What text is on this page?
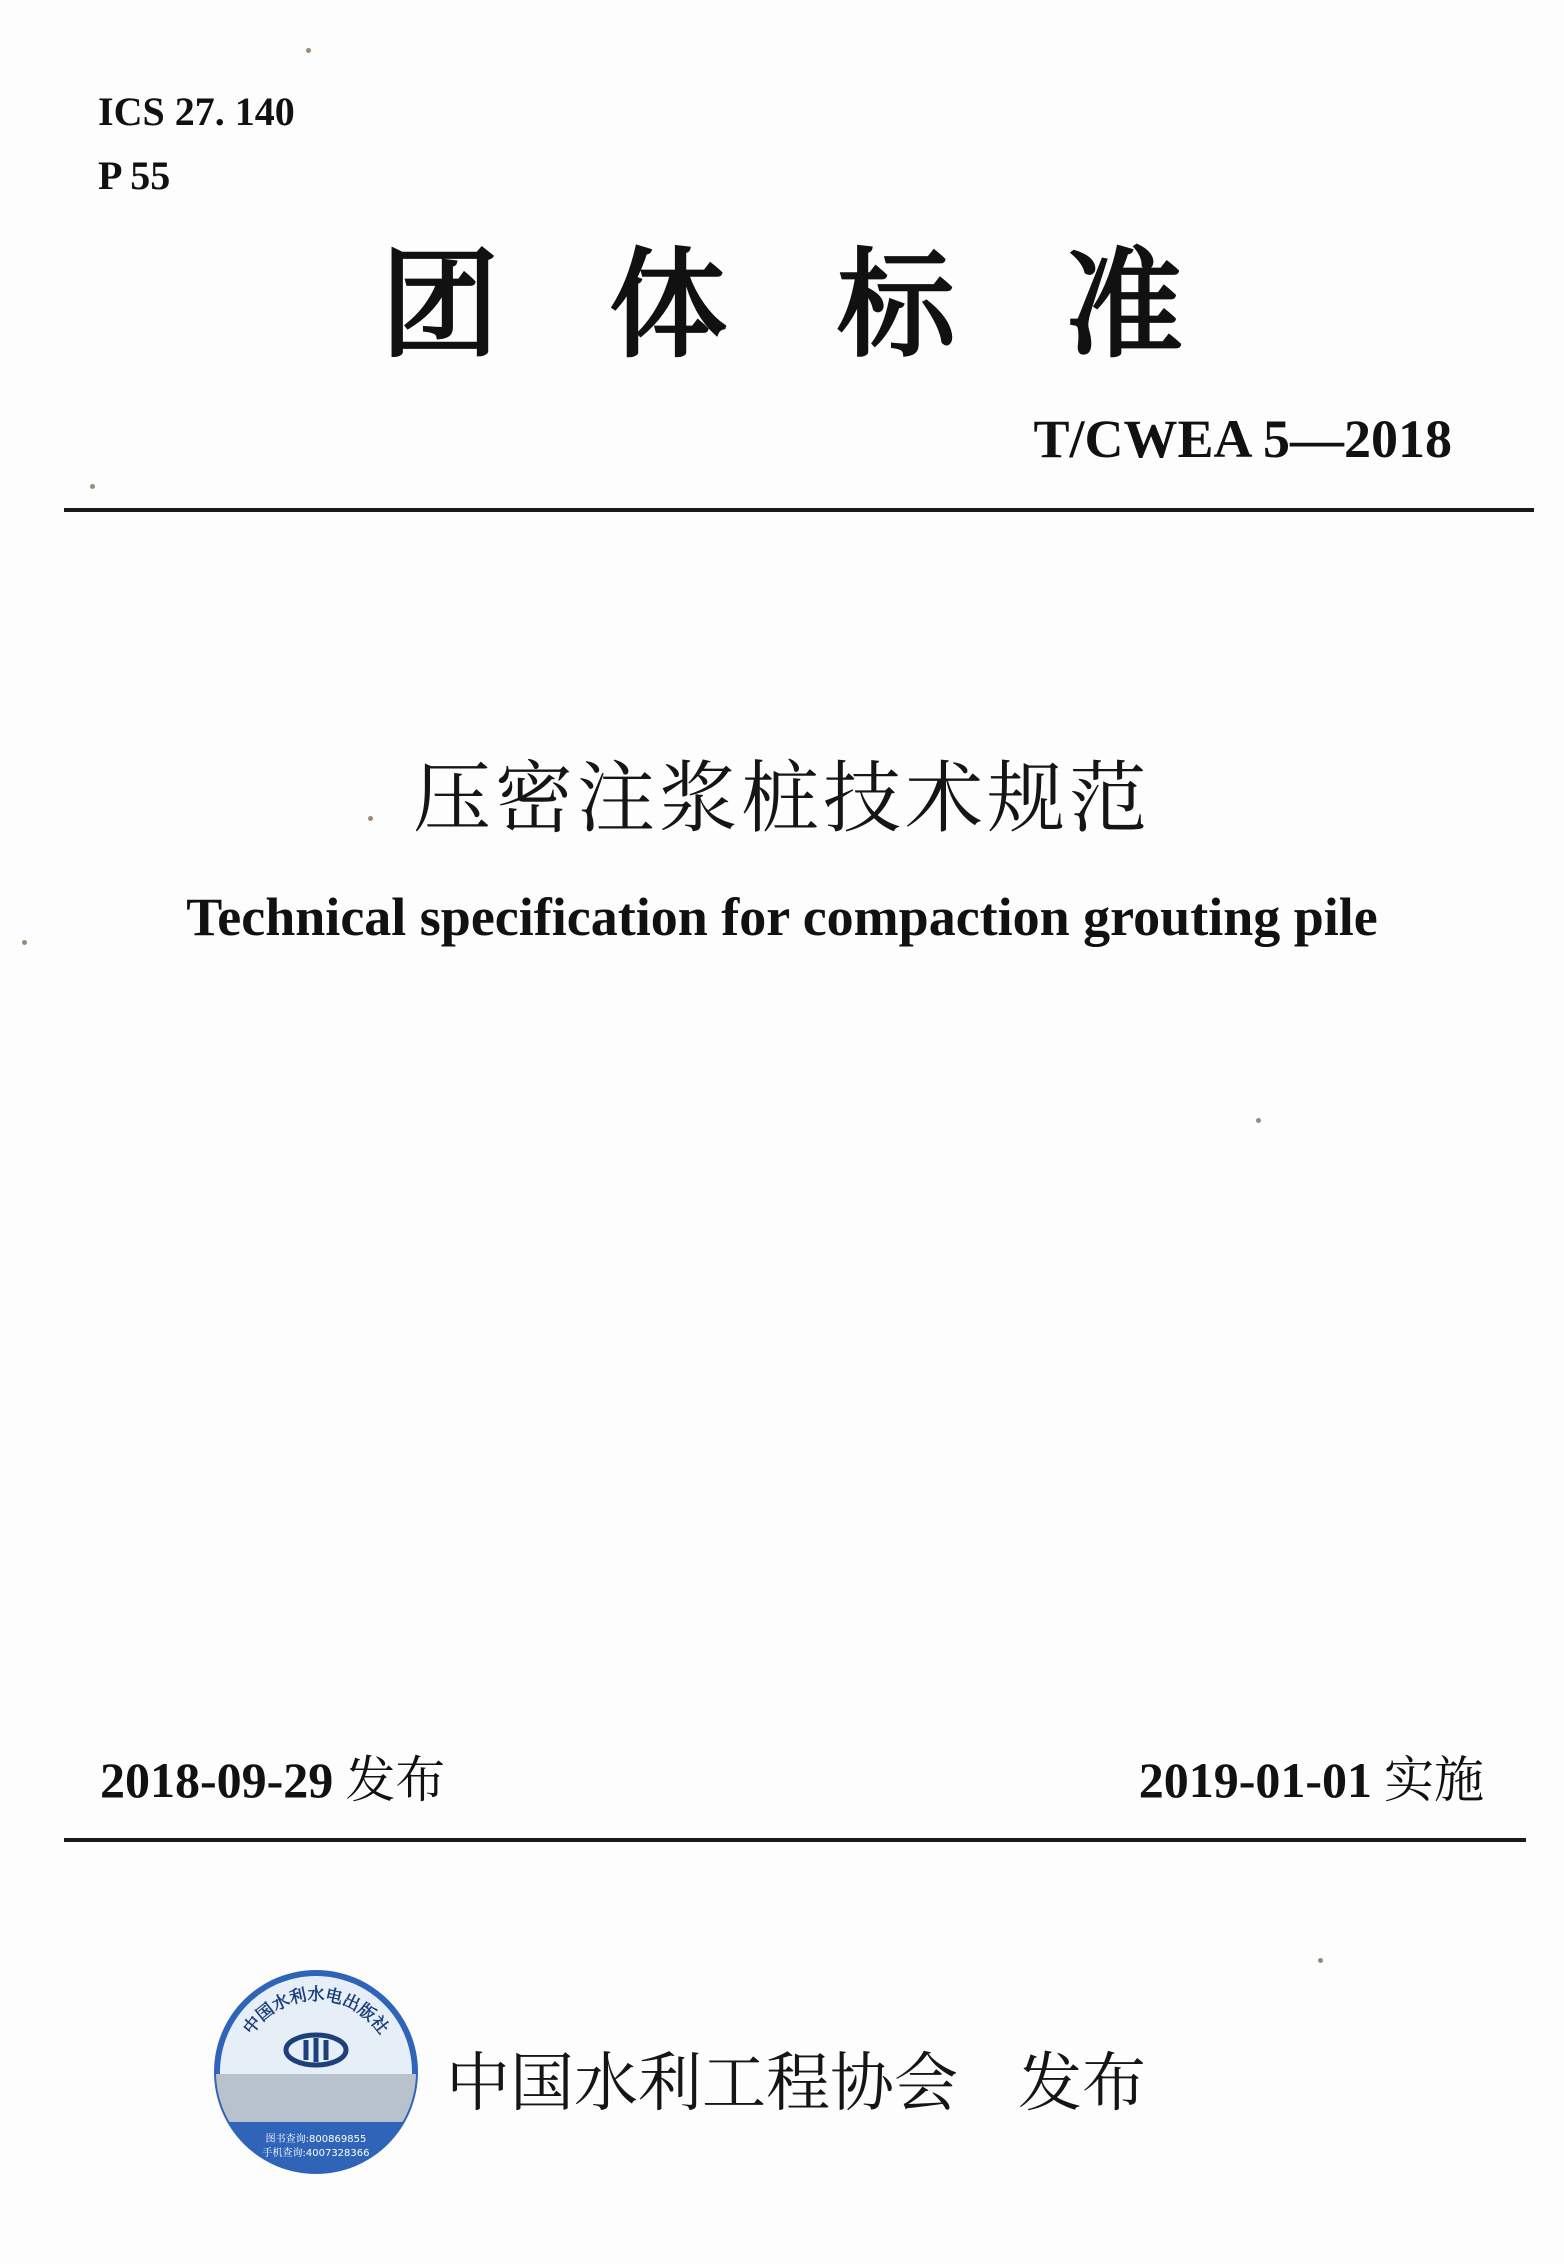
ICS 27. 140
P 55
团体标准
T/CWEA 5—2018
压密注浆桩技术规范
Technical specification for compaction grouting pile
2018-09-29 发布	2019-01-01 实施
中国水利水电出版社
图书查询:800869855
手机查询:4007328366
中国水利工程协会 发布
